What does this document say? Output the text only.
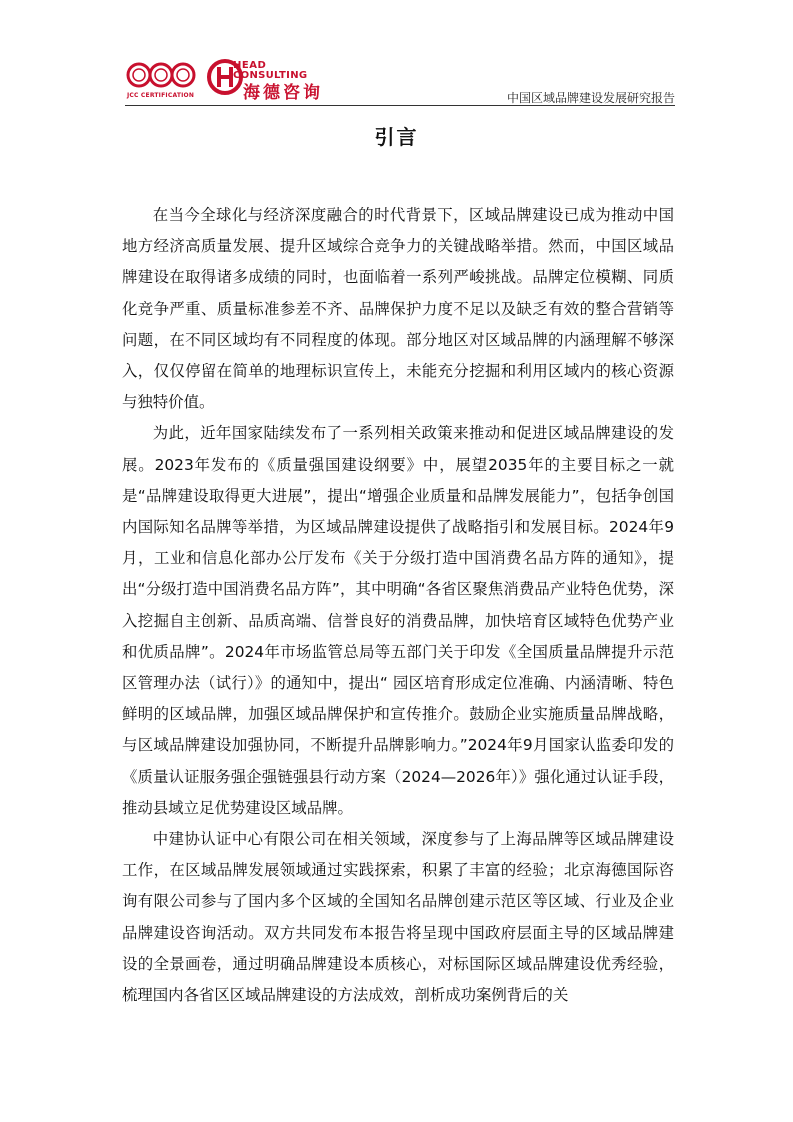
JCC CERTIFICATION
HEAD
CONSULTING
海德咨询	中国区域品牌建设发展研究报告
引言

在当今全球化与经济深度融合的时代背景下，区域品牌建设已成为推动中国地方经济高质量发展、提升区域综合竞争力的关键战略举措。然而，中国区域品牌建设在取得诸多成绩的同时，也面临着一系列严峻挑战。品牌定位模糊、同质化竞争严重、质量标准参差不齐、品牌保护力度不足以及缺乏有效的整合营销等问题，在不同区域均有不同程度的体现。部分地区对区域品牌的内涵理解不够深入，仅仅停留在简单的地理标识宣传上，未能充分挖掘和利用区域内的核心资源与独特价值。

为此，近年国家陆续发布了一系列相关政策来推动和促进区域品牌建设的发展。2023年发布的《质量强国建设纲要》中，展望2035年的主要目标之一就是“品牌建设取得更大进展”，提出“增强企业质量和品牌发展能力”，包括争创国内国际知名品牌等举措，为区域品牌建设提供了战略指引和发展目标。2024年9月，工业和信息化部办公厅发布《关于分级打造中国消费名品方阵的通知》，提出“分级打造中国消费名品方阵”，其中明确“各省区聚焦消费品产业特色优势，深入挖掘自主创新、品质高端、信誉良好的消费品牌，加快培育区域特色优势产业和优质品牌”。2024年市场监管总局等五部门关于印发《全国质量品牌提升示范区管理办法（试行）》的通知中，提出“ 园区培育形成定位准确、内涵清晰、特色鲜明的区域品牌，加强区域品牌保护和宣传推介。鼓励企业实施质量品牌战略，与区域品牌建设加强协同，不断提升品牌影响力。”2024年9月国家认监委印发的《质量认证服务强企强链强县行动方案（2024—2026年）》强化通过认证手段，推动县域立足优势建设区域品牌。

中建协认证中心有限公司在相关领域，深度参与了上海品牌等区域品牌建设工作，在区域品牌发展领域通过实践探索，积累了丰富的经验；北京海德国际咨询有限公司参与了国内多个区域的全国知名品牌创建示范区等区域、行业及企业品牌建设咨询活动。双方共同发布本报告将呈现中国政府层面主导的区域品牌建设的全景画卷，通过明确品牌建设本质核心，对标国际区域品牌建设优秀经验，梳理国内各省区区域品牌建设的方法成效，剖析成功案例背后的关
